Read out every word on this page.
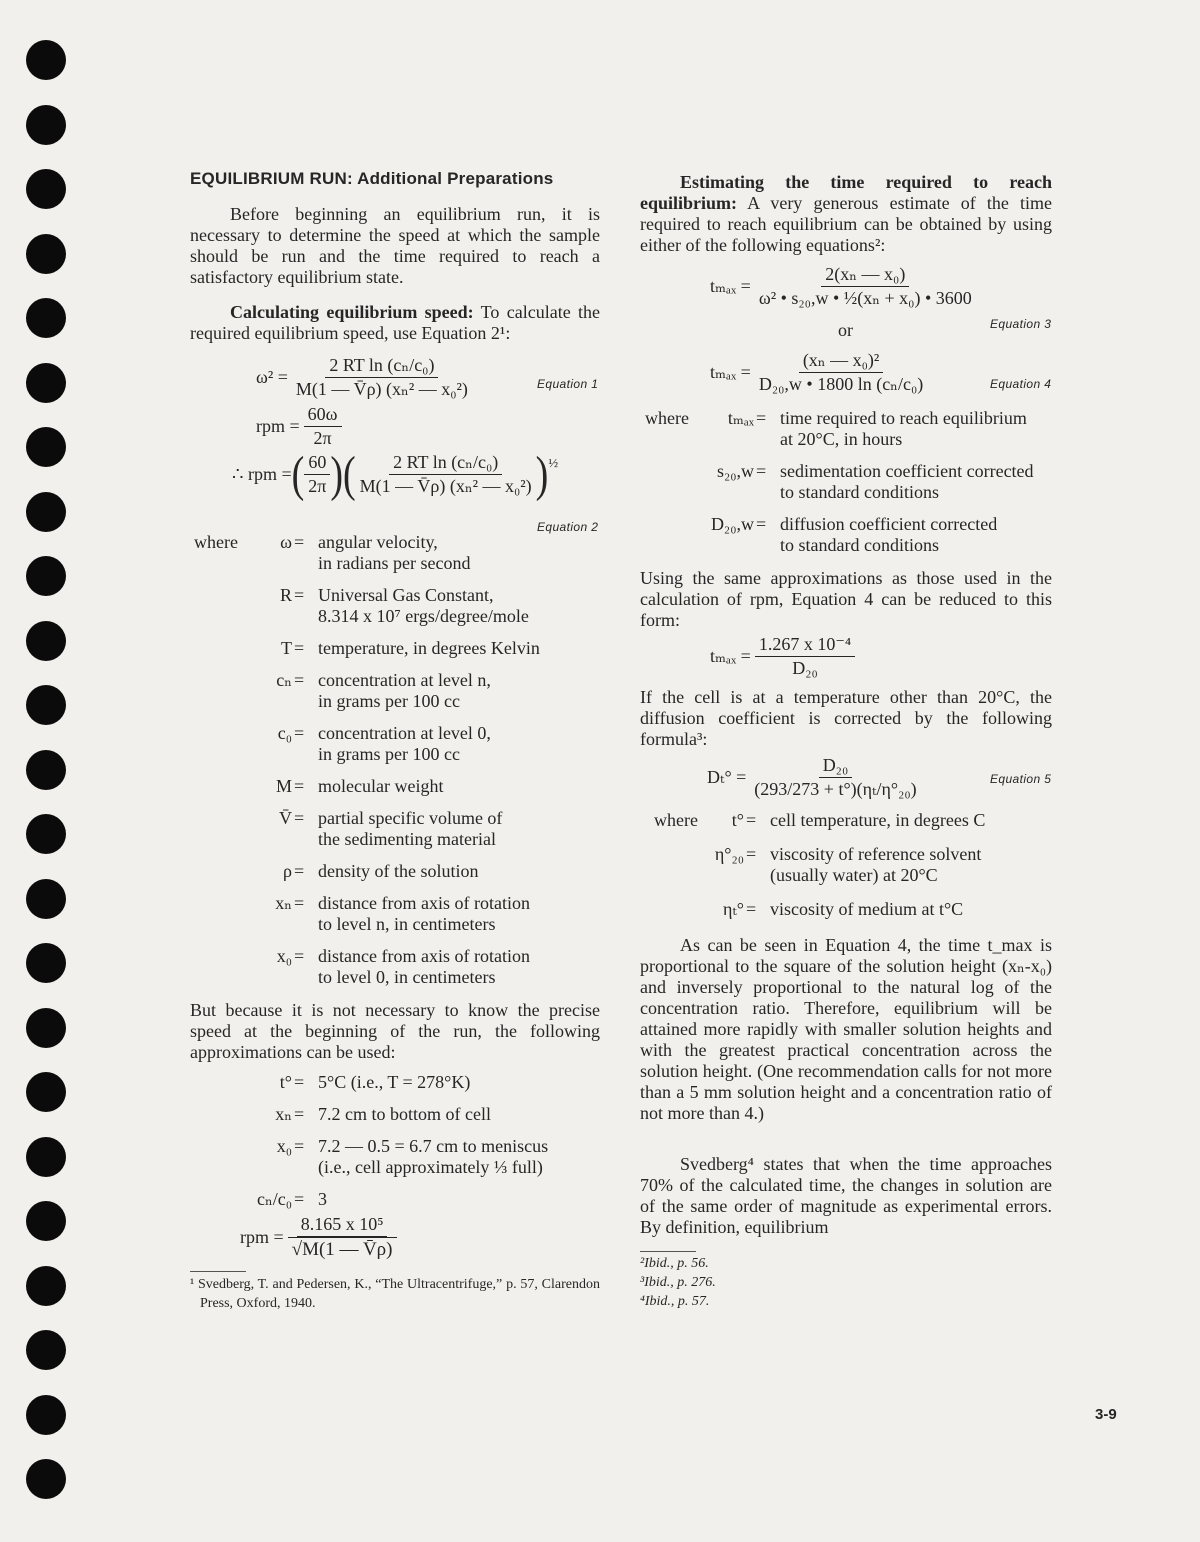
EQUILIBRIUM RUN: Additional Preparations

Before beginning an equilibrium run, it is necessary to determine the speed at which the sample should be run and the time required to reach a satisfactory equilibrium state.

Calculating equilibrium speed: To calculate the required equilibrium speed, use Equation 2¹:

$\omega^2 = \frac{\text{2 RT ln (cₙ/c₀)}}{\text{M(1 — V̄ρ) (xₙ² — x₀²)}}$	Equation 1
rpm = $\frac{60\omega}{2\pi}$
∴ rpm = ( $\frac{60}{2\pi}$ ) ( $\frac{\text{2 RT ln (cₙ/c₀)}}{\text{M(1 — V̄ρ) (xₙ² — x₀²)}} )^{\frac{1}{2}}$
Equation 2
where	ω = angular velocity,
in radians per second
R = Universal Gas Constant,
8.314 x 10⁷ ergs/degree/mole
T = temperature, in degrees Kelvin
cₙ = concentration at level n,
in grams per 100 cc
c₀ = concentration at level 0,
in grams per 100 cc
M = molecular weight
V̄ = partial specific volume of
the sedimenting material
ρ = density of the solution
xₙ = distance from axis of rotation
to level n, in centimeters
x₀ = distance from axis of rotation
to level 0, in centimeters

But because it is not necessary to know the precise speed at the beginning of the run, the following approximations can be used:

t° = 5°C (i.e., T = 278°K)
xₙ = 7.2 cm to bottom of cell
x₀ = 7.2 — 0.5 = 6.7 cm to meniscus
(i.e., cell approximately ⅓ full)
cₙ/c₀ = 3
rpm = $\frac{\text{8.165 x 10⁵}}{√M(1 — V̄\rho)}$

¹ Svedberg, T. and Pedersen, K., “The Ultracentrifuge,” p. 57, Clarendon Press, Oxford, 1940.

Estimating the time required to reach equilibrium: A very generous estimate of the time required to reach equilibrium can be obtained by using either of the following equations²:

$t_{max} = \frac{\text{2(xₙ — x₀)}}{\text{ω² • s₂₀,w • ½(xₙ + x₀) • 3600}}$
Equation 3
or
$t_{max} = \frac{\text{(xₙ — x₀)²}}{\text{D₂₀,w • 1800 ln (cₙ/c₀)}}$	Equation 4
where	tₘₐₓ = time required to reach equilibrium
at 20°C, in hours
s₂₀,w = sedimentation coefficient corrected
to standard conditions
D₂₀,w = diffusion coefficient corrected
to standard conditions

Using the same approximations as those used in the calculation of rpm, Equation 4 can be reduced to this form:

$t_{max} = \frac{\text{1.267 x 10⁻⁴}}{\text{D₂₀}}$

If the cell is at a temperature other than 20°C, the diffusion coefficient is corrected by the following formula³:

$D_t^\circ = \frac{\text{D₂₀}}{\text{(293/273 + t°)(ηₜ/η°₂₀)}}$	Equation 5
where	t° = cell temperature, in degrees C
η°₂₀ = viscosity of reference solvent
(usually water) at 20°C
ηₜ° = viscosity of medium at t°C

As can be seen in Equation 4, the time t_max is proportional to the square of the solution height (xₙ-x₀) and inversely proportional to the natural log of the concentration ratio. Therefore, equilibrium will be attained more rapidly with smaller solution heights and with the greatest practical concentration across the solution height. (One recommendation calls for not more than a 5 mm solution height and a concentration ratio of not more than 4.)

Svedberg⁴ states that when the time approaches 70% of the calculated time, the changes in solution are of the same order of magnitude as experimental errors. By definition, equilibrium

²Ibid., p. 56.
³Ibid., p. 276.
⁴Ibid., p. 57.
3-9
